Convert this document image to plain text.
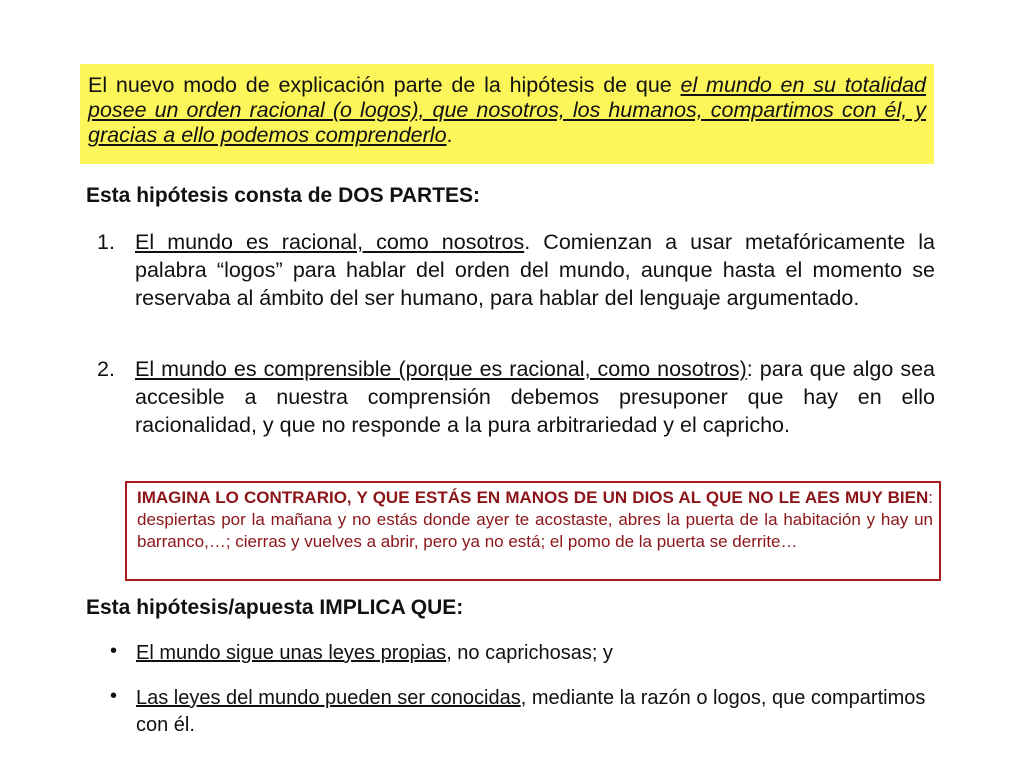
El nuevo modo de explicación parte de la hipótesis de que el mundo en su totalidad posee un orden racional (o logos), que nosotros, los humanos, compartimos con él, y gracias a ello podemos comprenderlo.
Esta hipótesis consta de DOS PARTES:
1. El mundo es racional, como nosotros. Comienzan a usar metafóricamente la palabra “logos” para hablar del orden del mundo, aunque hasta el momento se reservaba al ámbito del ser humano, para hablar del lenguaje argumentado.
2. El mundo es comprensible (porque es racional, como nosotros): para que algo sea accesible a nuestra comprensión debemos presuponer que hay en ello racionalidad, y que no responde a la pura arbitrariedad y el capricho.
IMAGINA LO CONTRARIO, Y QUE ESTÁS EN MANOS DE UN DIOS AL QUE NO LE AES MUY BIEN: despiertas por la mañana y no estás donde ayer te acostaste, abres la puerta de la habitación y hay un barranco,…; cierras y vuelves a abrir, pero ya no está; el pomo de la puerta se derrite…
Esta hipótesis/apuesta IMPLICA QUE:
• El mundo sigue unas leyes propias, no caprichosas; y
• Las leyes del mundo pueden ser conocidas, mediante la razón o logos, que compartimos con él.
